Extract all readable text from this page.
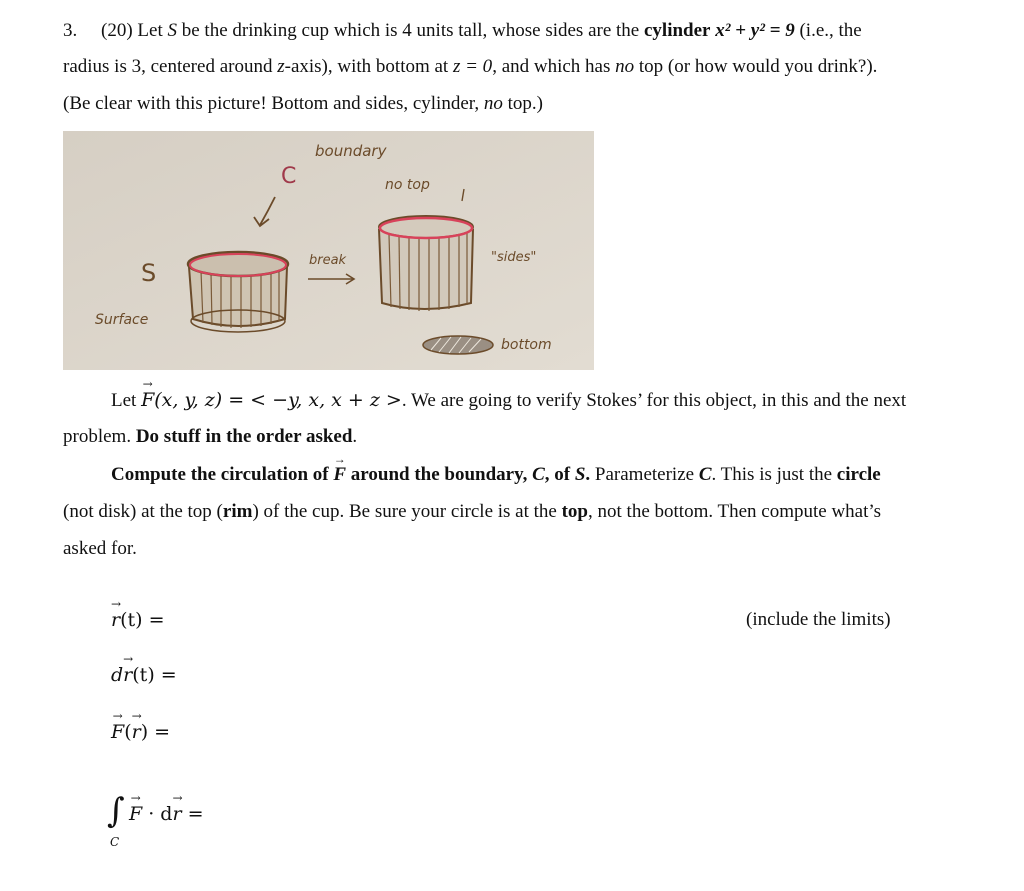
3. (20) Let S be the drinking cup which is 4 units tall, whose sides are the cylinder x² + y² = 9 (i.e., the
radius is 3, centered around z-axis), with bottom at z = 0, and which has no top (or how would you drink?).
(Be clear with this picture! Bottom and sides, cylinder, no top.)
boundary
C	no top
S
Surface
break	"sides"
bottom
Let → F(x, y, z) = < −y, x, x + z >. We are going to verify Stokes’ for this object, in this and the next
problem. Do stuff in the order asked.
Compute the circulation of → F around the boundary, C, of S. Parameterize C. This is just the circle
(not disk) at the top (rim) of the cup. Be sure your circle is at the top, not the bottom. Then compute what’s
asked for.
→ r(t) =	(include the limits)
d→ r(t) =
→ F(→ r) =
∫
C
→ F · d→ r =
